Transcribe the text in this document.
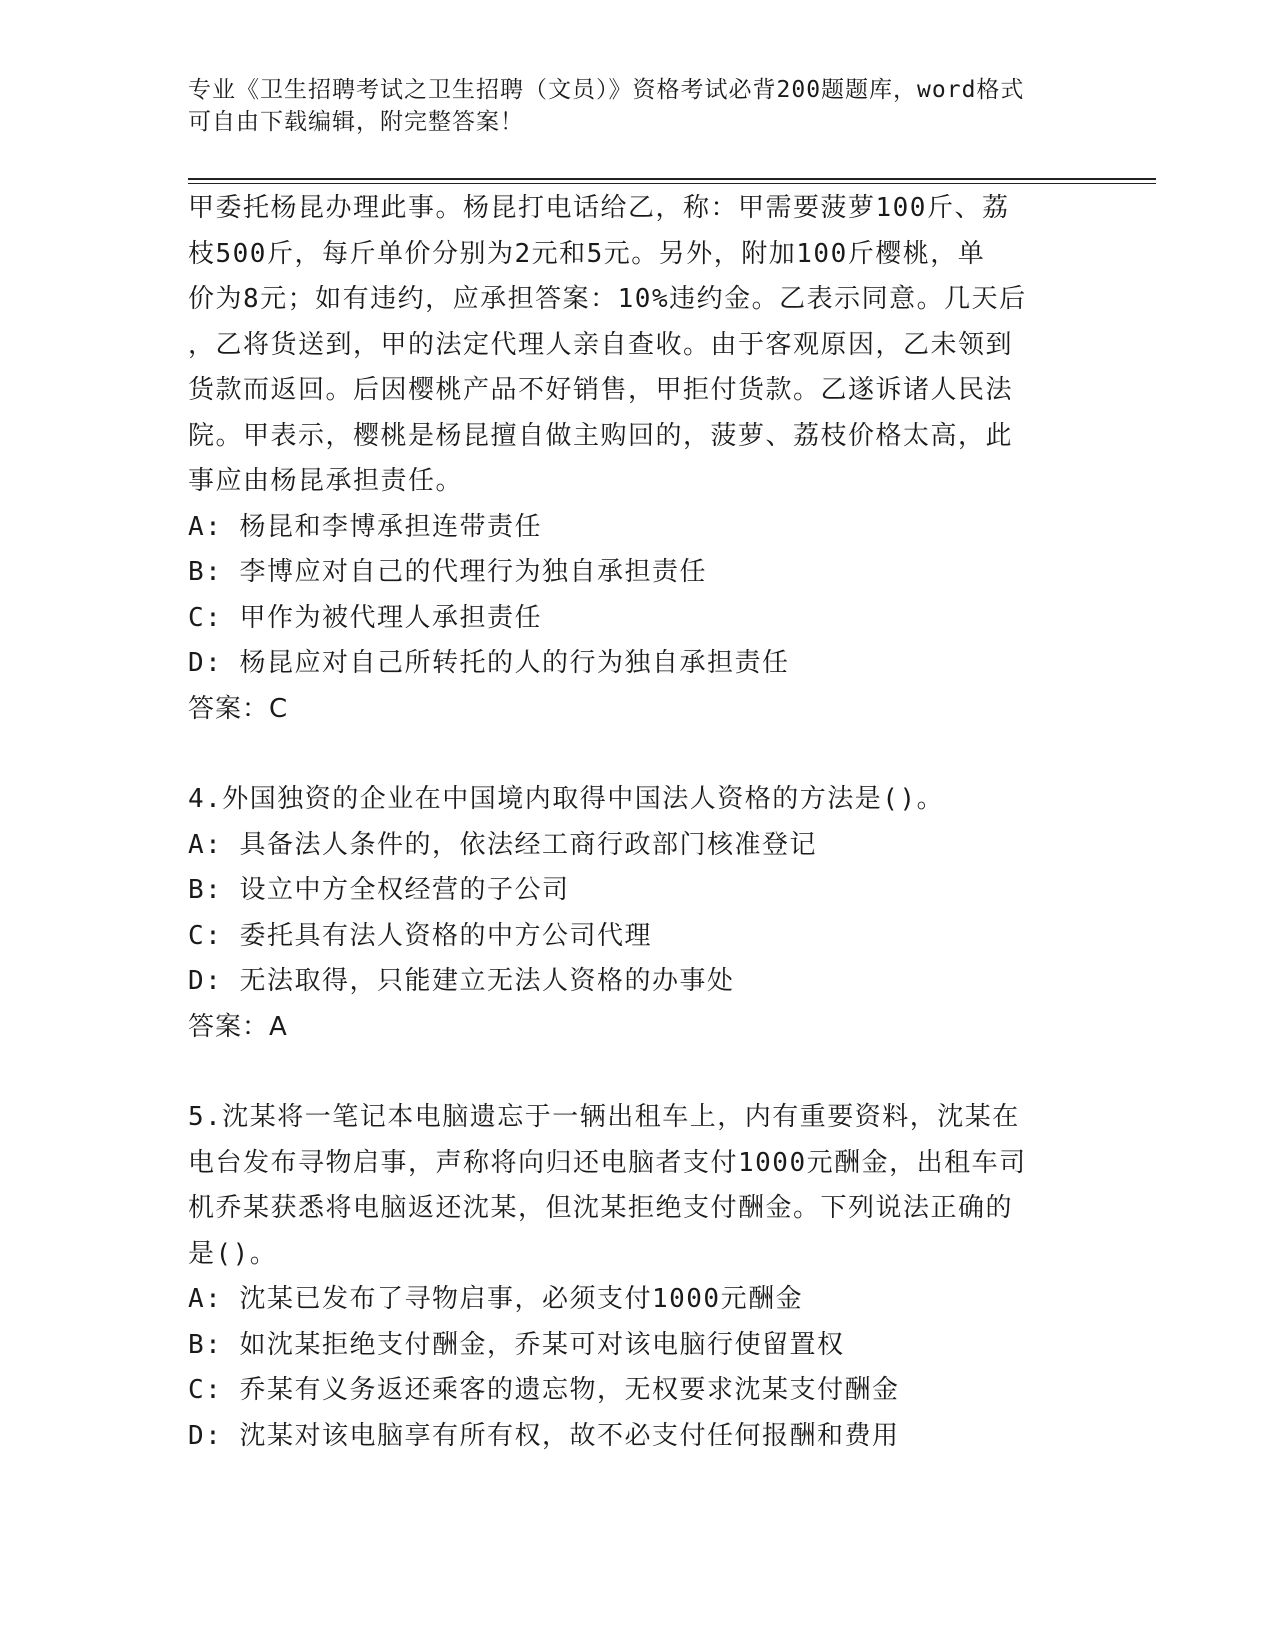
专业《卫生招聘考试之卫生招聘（文员）》资格考试必背200题题库，word格式
可自由下载编辑，附完整答案！
甲委托杨昆办理此事。杨昆打电话给乙，称：甲需要菠萝100斤、荔
枝500斤，每斤单价分别为2元和5元。另外，附加100斤樱桃，单
价为8元；如有违约，应承担答案：10%违约金。乙表示同意。几天后
，乙将货送到，甲的法定代理人亲自查收。由于客观原因，乙未领到
货款而返回。后因樱桃产品不好销售，甲拒付货款。乙遂诉诸人民法
院。甲表示，樱桃是杨昆擅自做主购回的，菠萝、荔枝价格太高，此
事应由杨昆承担责任。
A: 杨昆和李博承担连带责任
B: 李博应对自己的代理行为独自承担责任
C: 甲作为被代理人承担责任
D: 杨昆应对自己所转托的人的行为独自承担责任
答案：C
4.外国独资的企业在中国境内取得中国法人资格的方法是()。
A: 具备法人条件的，依法经工商行政部门核准登记
B: 设立中方全权经营的子公司
C: 委托具有法人资格的中方公司代理
D: 无法取得，只能建立无法人资格的办事处
答案：A
5.沈某将一笔记本电脑遗忘于一辆出租车上，内有重要资料，沈某在
电台发布寻物启事，声称将向归还电脑者支付1000元酬金，出租车司
机乔某获悉将电脑返还沈某，但沈某拒绝支付酬金。下列说法正确的
是()。
A: 沈某已发布了寻物启事，必须支付1000元酬金
B: 如沈某拒绝支付酬金，乔某可对该电脑行使留置权
C: 乔某有义务返还乘客的遗忘物，无权要求沈某支付酬金
D: 沈某对该电脑享有所有权，故不必支付任何报酬和费用
